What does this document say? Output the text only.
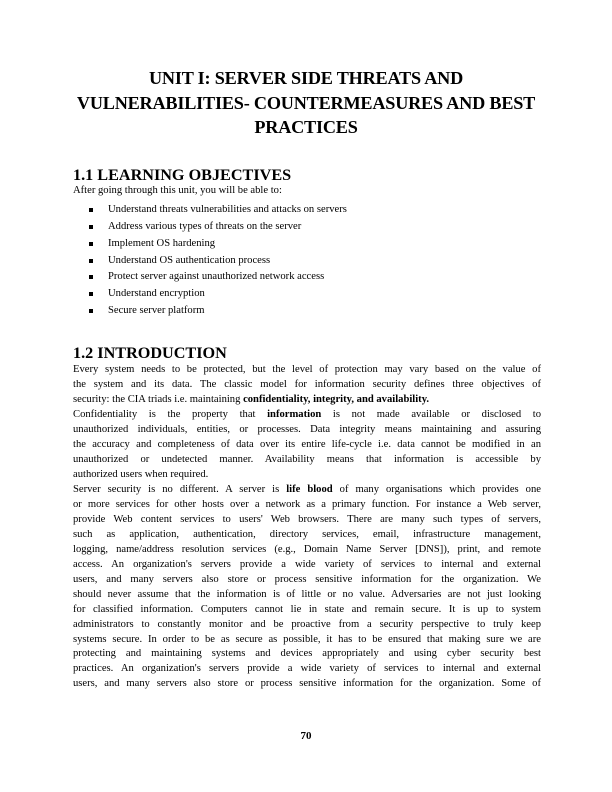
UNIT I: SERVER SIDE THREATS AND
VULNERABILITIES- COUNTERMEASURES AND BEST
PRACTICES
1.1 LEARNING OBJECTIVES

After going through this unit, you will be able to:

Understand threats vulnerabilities and attacks on servers
Address various types of threats on the server
Implement OS hardening
Understand OS authentication process
Protect server against unauthorized network access
Understand encryption
Secure server platform
1.2 INTRODUCTION
Every system needs to be protected, but the level of protection may vary based on the value of
the system and its data. The classic model for information security defines three objectives of
security: the CIA triads i.e. maintaining confidentiality, integrity, and availability.
Confidentiality is the property that information is not made available or disclosed to
unauthorized individuals, entities, or processes. Data integrity means maintaining and assuring
the accuracy and completeness of data over its entire life-cycle i.e. data cannot be modified in an
unauthorized or undetected manner. Availability means that information is accessible by
authorized users when required.
Server security is no different. A server is life blood of many organisations which provides one
or more services for other hosts over a network as a primary function. For instance a Web server,
provide Web content services to users' Web browsers. There are many such types of servers,
such as application, authentication, directory services, email, infrastructure management,
logging, name/address resolution services (e.g., Domain Name Server [DNS]), print, and remote
access. An organization's servers provide a wide variety of services to internal and external
users, and many servers also store or process sensitive information for the organization. We
should never assume that the information is of little or no value. Adversaries are not just looking
for classified information. Computers cannot lie in state and remain secure. It is up to system
administrators to constantly monitor and be proactive from a security perspective to truly keep
systems secure. In order to be as secure as possible, it has to be ensured that making sure we are
protecting and maintaining systems and devices appropriately and using cyber security best
practices. An organization's servers provide a wide variety of services to internal and external
users, and many servers also store or process sensitive information for the organization. Some of
70
